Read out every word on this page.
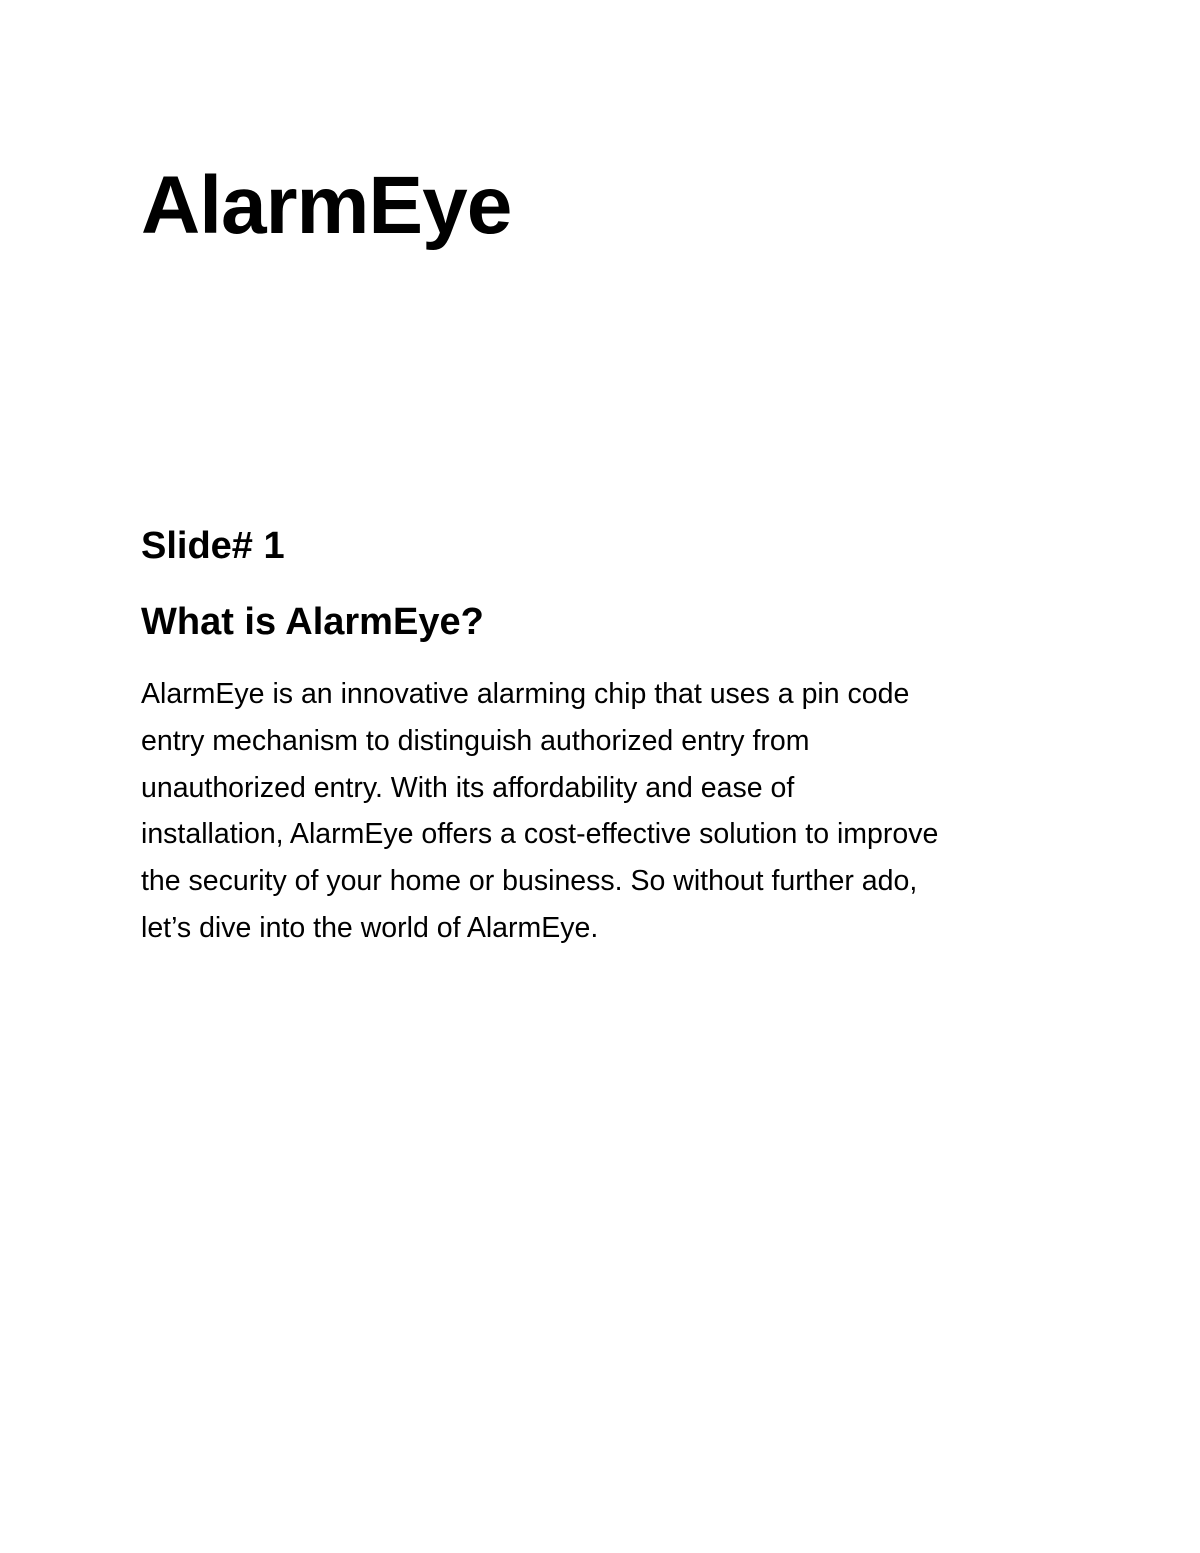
AlarmEye
Slide# 1
What is AlarmEye?

AlarmEye is an innovative alarming chip that uses a pin code
entry mechanism to distinguish authorized entry from
unauthorized entry. With its affordability and ease of
installation, AlarmEye offers a cost-effective solution to improve
the security of your home or business. So without further ado,
let’s dive into the world of AlarmEye.
